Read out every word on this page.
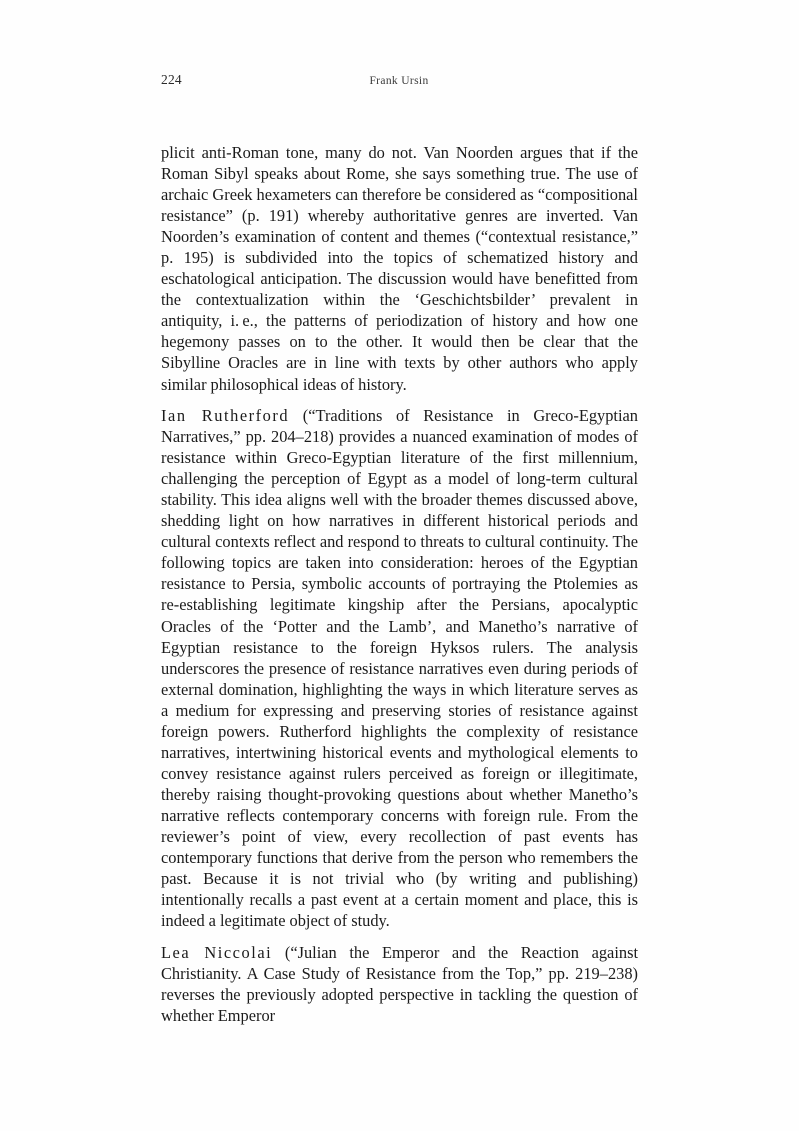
224	Frank Ursin

plicit anti-Roman tone, many do not. Van Noorden argues that if the Roman Sibyl speaks about Rome, she says something true. The use of archaic Greek hexameters can therefore be considered as “compositional resistance” (p. 191) whereby authoritative genres are inverted. Van Noorden’s examination of content and themes (“contextual resistance,” p. 195) is subdivided into the topics of schematized history and eschatological anticipation. The discussion would have benefitted from the contextualization within the ‘Geschichtsbilder’ prevalent in antiquity, i. e., the patterns of periodization of history and how one hegemony passes on to the other. It would then be clear that the Sibylline Oracles are in line with texts by other authors who apply similar philosophical ideas of history.

Ian Rutherford (“Traditions of Resistance in Greco-Egyptian Narratives,” pp. 204–218) provides a nuanced examination of modes of resistance within Greco-Egyptian literature of the first millennium, challenging the perception of Egypt as a model of long-term cultural stability. This idea aligns well with the broader themes discussed above, shedding light on how narratives in different historical periods and cultural contexts reflect and respond to threats to cultural continuity. The following topics are taken into consideration: heroes of the Egyptian resistance to Persia, symbolic accounts of portraying the Ptolemies as re-establishing legitimate kingship after the Persians, apocalyptic Oracles of the ‘Potter and the Lamb’, and Manetho’s narrative of Egyptian resistance to the foreign Hyksos rulers. The analysis underscores the presence of resistance narratives even during periods of external domination, highlighting the ways in which literature serves as a medium for expressing and preserving stories of resistance against foreign powers. Rutherford highlights the complexity of resistance narratives, intertwining historical events and mythological elements to convey resistance against rulers perceived as foreign or illegitimate, thereby raising thought-provoking questions about whether Manetho’s narrative reflects contemporary concerns with foreign rule. From the reviewer’s point of view, every recollection of past events has contemporary functions that derive from the person who remembers the past. Because it is not trivial who (by writing and publishing) intentionally recalls a past event at a certain moment and place, this is indeed a legitimate object of study.

Lea Niccolai (“Julian the Emperor and the Reaction against Christianity. A Case Study of Resistance from the Top,” pp. 219–238) reverses the previously adopted perspective in tackling the question of whether Emperor
